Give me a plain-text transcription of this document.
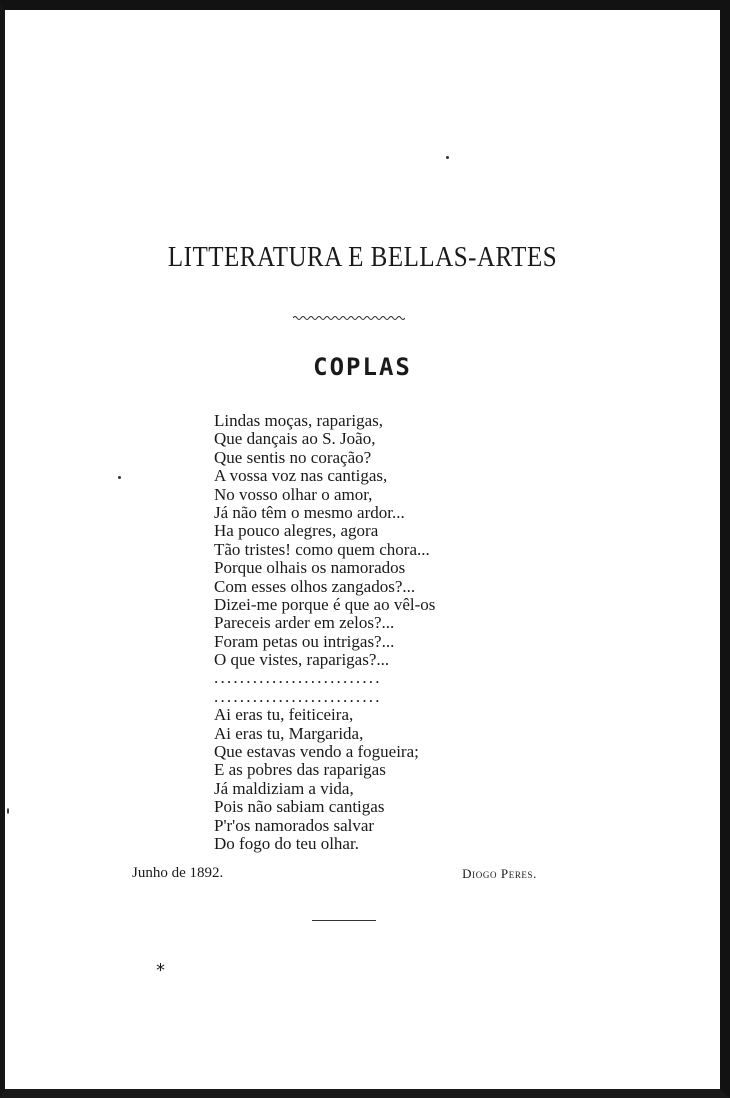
LITTERATURA E BELLAS-ARTES
COPLAS
Lindas moças, raparigas,
Que dançais ao S. João,
Que sentis no coração?
A vossa voz nas cantigas,
No vosso olhar o amor,
Já não têm o mesmo ardor...
Ha pouco alegres, agora
Tão tristes! como quem chora...
Porque olhais os namorados
Com esses olhos zangados?...
Dizei-me porque é que ao vêl-os
Pareceis arder em zelos?...
Foram petas ou intrigas?...
O que vistes, raparigas?...
..........................
..........................
Ai eras tu, feiticeira,
Ai eras tu, Margarida,
Que estavas vendo a fogueira;
E as pobres das raparigas
Já maldiziam a vida,
Pois não sabiam cantigas
P'r'os namorados salvar
Do fogo do teu olhar.
Junho de 1892.	Diogo Peres.
*
